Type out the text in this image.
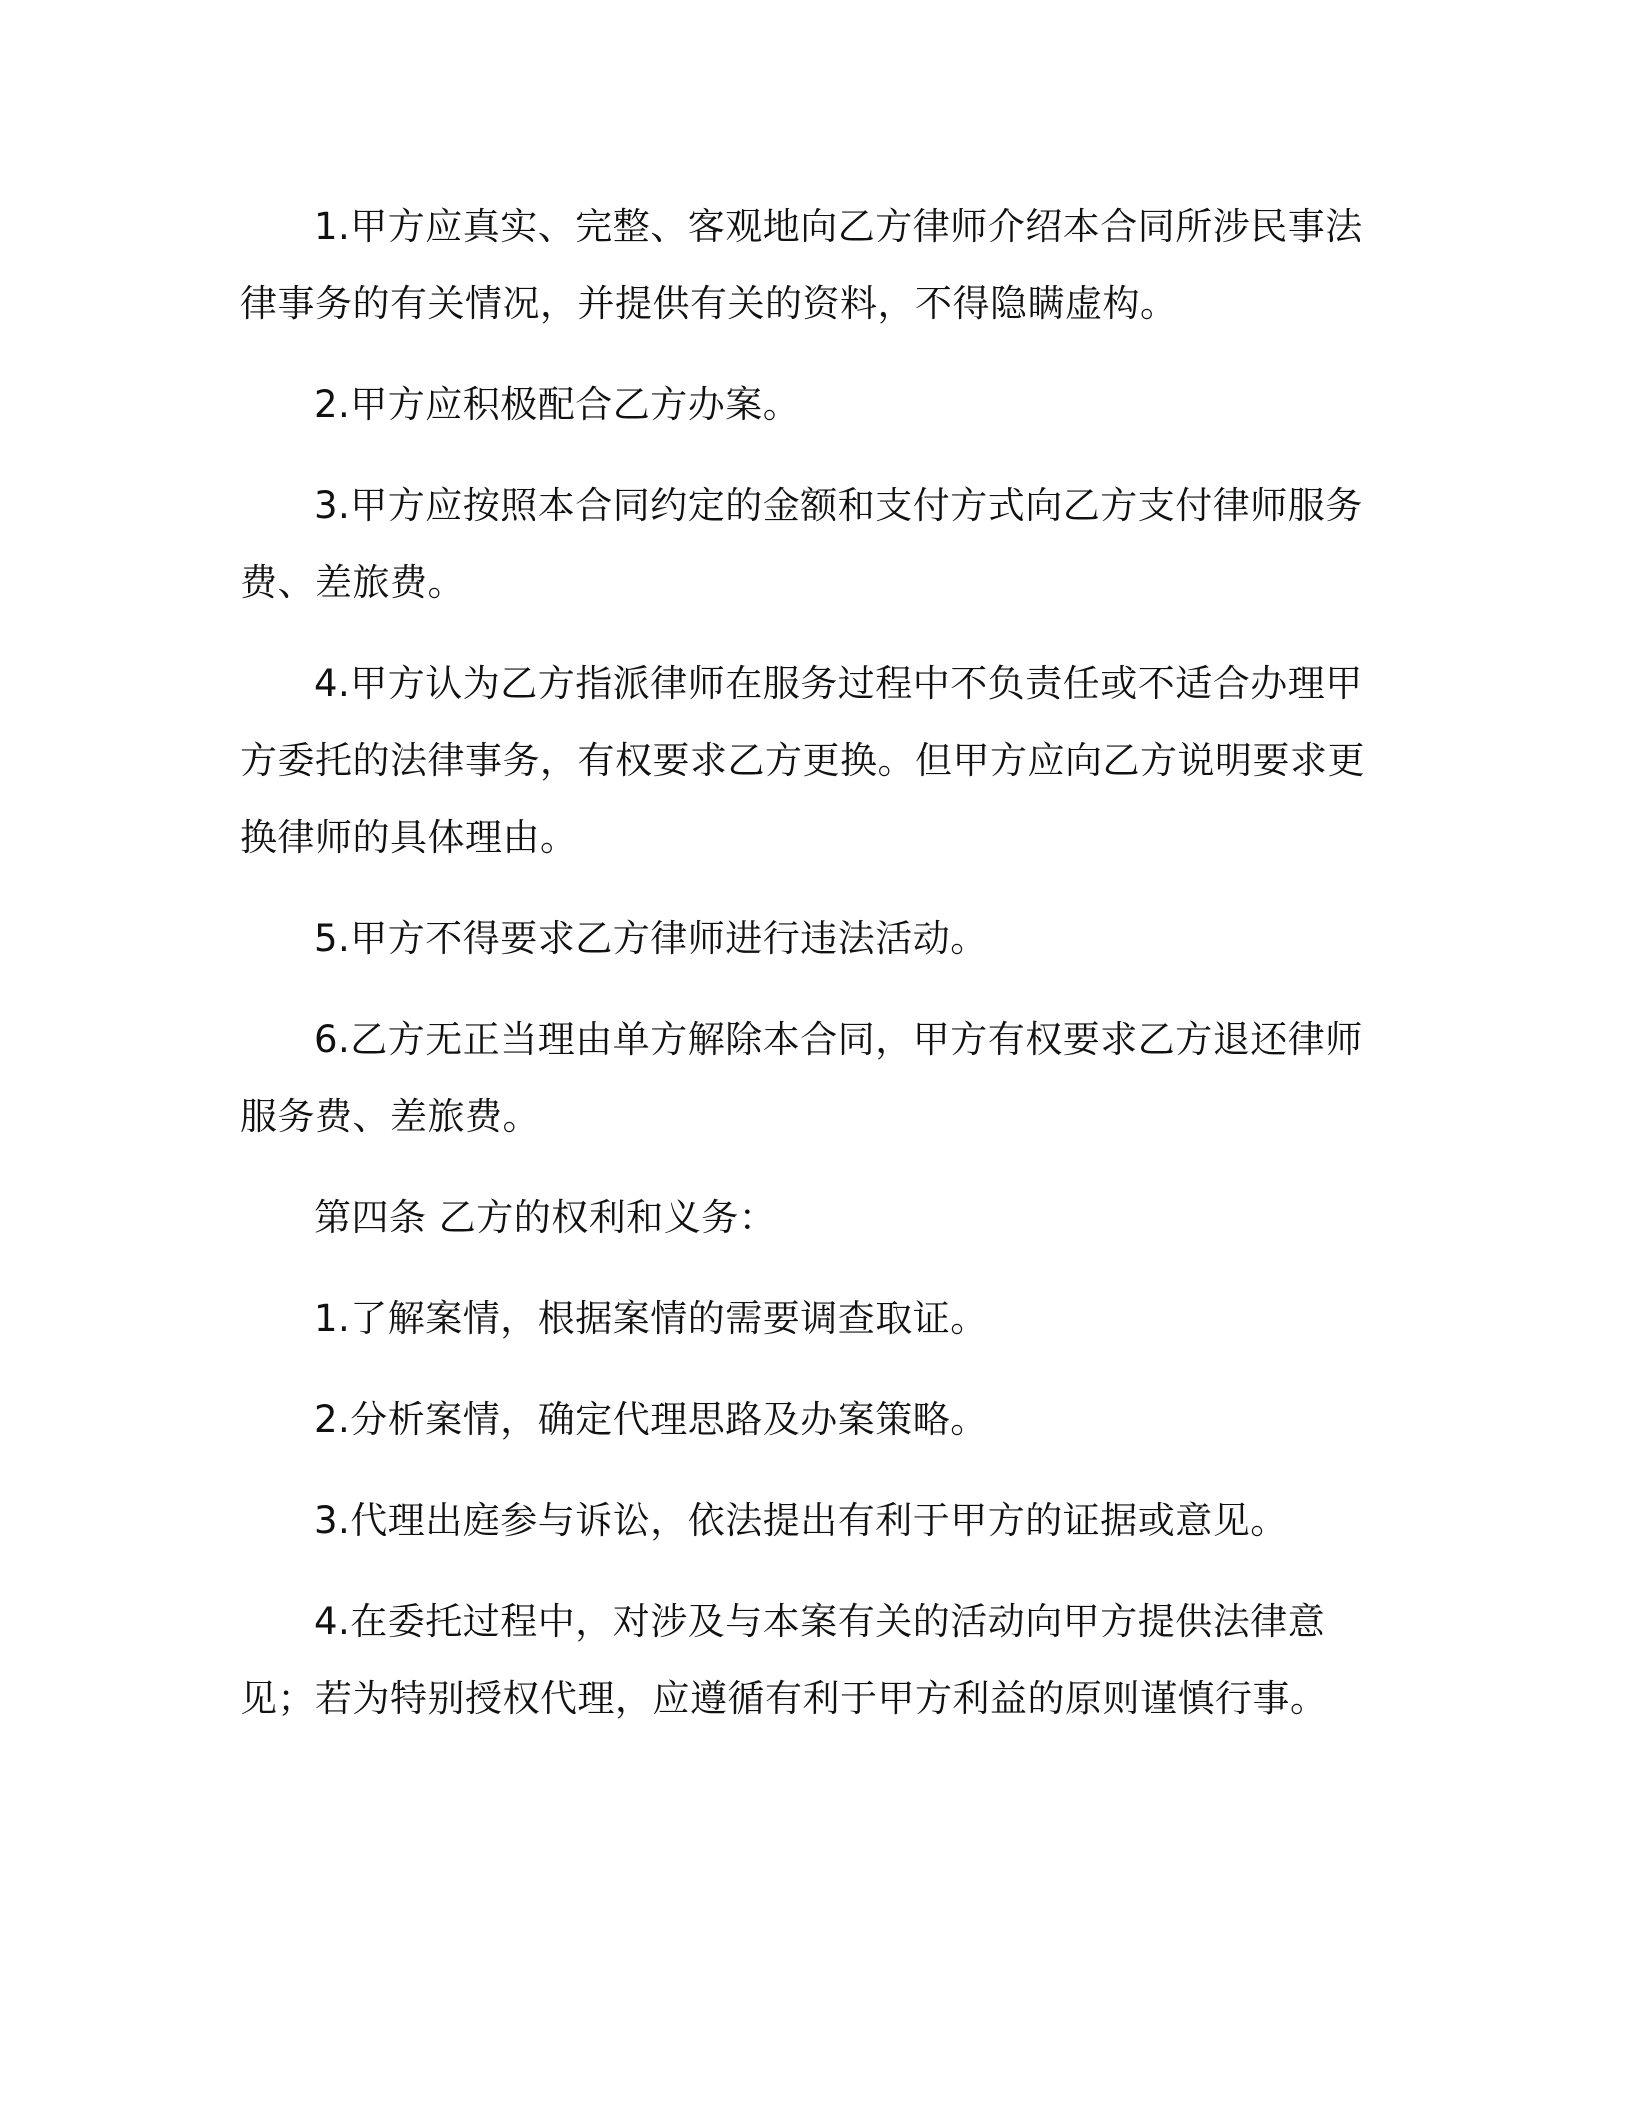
1.甲方应真实、完整、客观地向乙方律师介绍本合同所涉民事法律事务的有关情况，并提供有关的资料，不得隐瞒虚构。

2.甲方应积极配合乙方办案。

3.甲方应按照本合同约定的金额和支付方式向乙方支付律师服务费、差旅费。

4.甲方认为乙方指派律师在服务过程中不负责任或不适合办理甲方委托的法律事务，有权要求乙方更换。但甲方应向乙方说明要求更换律师的具体理由。

5.甲方不得要求乙方律师进行违法活动。

6.乙方无正当理由单方解除本合同，甲方有权要求乙方退还律师服务费、差旅费。

第四条 乙方的权利和义务：

1.了解案情，根据案情的需要调查取证。

2.分析案情，确定代理思路及办案策略。

3.代理出庭参与诉讼，依法提出有利于甲方的证据或意见。

4.在委托过程中，对涉及与本案有关的活动向甲方提供法律意见；若为特别授权代理，应遵循有利于甲方利益的原则谨慎行事。
